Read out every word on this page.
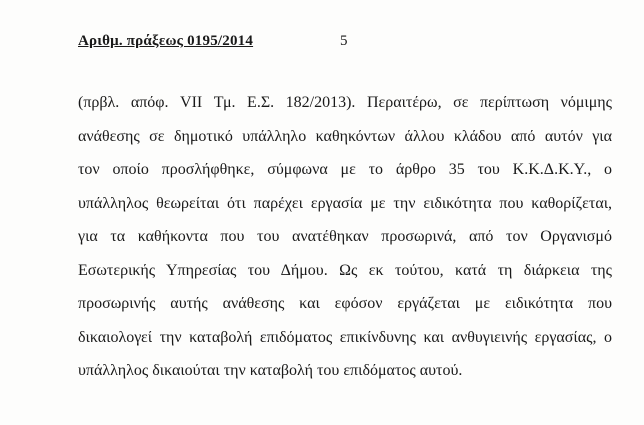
Αριθμ. πράξεως 0195/2014	5
(πρβλ. απόφ. VII Τμ. Ε.Σ. 182/2013). Περαιτέρω, σε περίπτωση νόμιμης
ανάθεσης σε δημοτικό υπάλληλο καθηκόντων άλλου κλάδου από αυτόν για
τον οποίο προσλήφθηκε, σύμφωνα με το άρθρο 35 του Κ.Κ.Δ.Κ.Υ., ο
υπάλληλος θεωρείται ότι παρέχει εργασία με την ειδικότητα που καθορίζεται,
για τα καθήκοντα που του ανατέθηκαν προσωρινά, από τον Οργανισμό
Εσωτερικής Υπηρεσίας του Δήμου. Ως εκ τούτου, κατά τη διάρκεια της
προσωρινής αυτής ανάθεσης και εφόσον εργάζεται με ειδικότητα που
δικαιολογεί την καταβολή επιδόματος επικίνδυνης και ανθυγιεινής εργασίας, ο
υπάλληλος δικαιούται την καταβολή του επιδόματος αυτού.
